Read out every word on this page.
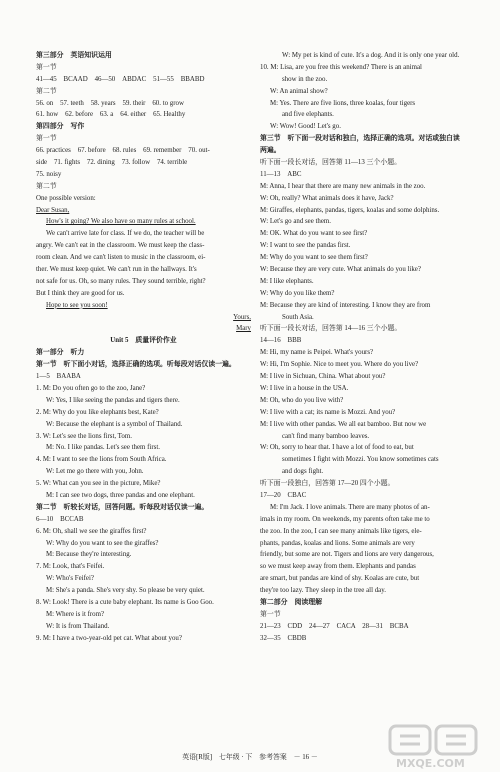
第三部分　英语知识运用
第一节
41—45　BCAAD　46—50　ABDAC　51—55　BBABD
第二节
56. on　57. teeth　58. years　59. their　60. to grow
61. how　62. before　63. a　64. either　65. Healthy
第四部分　写作
第一节
66. practices　67. before　68. rules　69. remember　70. out-
side　71. fights　72. dining　73. follow　74. terrible
75. noisy
第二节
One possible version:
Dear Susan,
How's it going? We also have so many rules at school.
We can't arrive late for class. If we do, the teacher will be
angry. We can't eat in the classroom. We must keep the class-
room clean. And we can't listen to music in the classroom, ei-
ther. We must keep quiet. We can't run in the hallways. It's
not safe for us. Oh, so many rules. They sound terrible, right?
But I think they are good for us.
Hope to see you soon!
Yours,
Mary
Unit 5　质量评价作业
第一部分　听力
第一节　听下面小对话，选择正确的选项。听每段对话仅读一遍。
1—5　BAABA
1. M: Do you often go to the zoo, Jane?
W: Yes, I like seeing the pandas and tigers there.
2. M: Why do you like elephants best, Kate?
W: Because the elephant is a symbol of Thailand.
3. W: Let's see the lions first, Tom.
M: No. I like pandas. Let's see them first.
4. M: I want to see the lions from South Africa.
W: Let me go there with you, John.
5. W: What can you see in the picture, Mike?
M: I can see two dogs, three pandas and one elephant.
第二节　听较长对话，回答问题。听每段对话仅读一遍。
6—10　BCCAB
6. M: Oh, shall we see the giraffes first?
W: Why do you want to see the giraffes?
M: Because they're interesting.
7. M: Look, that's Feifei.
W: Who's Feifei?
M: She's a panda. She's very shy. So please be very quiet.
8. W: Look! There is a cute baby elephant. Its name is Goo Goo.
M: Where is it from?
W: It is from Thailand.
9. M: I have a two-year-old pet cat. What about you?
W: My pet is kind of cute. It's a dog. And it is only one year old.
10. M: Lisa, are you free this weekend? There is an animal
show in the zoo.
W: An animal show?
M: Yes. There are five lions, three koalas, four tigers
and five elephants.
W: Wow! Good! Let's go.
第三节　听下面一段对话和独白，选择正确的选项。对话或独白读
两遍。
听下面一段长对话，回答第 11—13 三个小题。
11—13　ABC
M: Anna, I hear that there are many new animals in the zoo.
W: Oh, really? What animals does it have, Jack?
M: Giraffes, elephants, pandas, tigers, koalas and some dolphins.
W: Let's go and see them.
M: OK. What do you want to see first?
W: I want to see the pandas first.
M: Why do you want to see them first?
W: Because they are very cute. What animals do you like?
M: I like elephants.
W: Why do you like them?
M: Because they are kind of interesting. I know they are from
South Asia.
听下面一段长对话，回答第 14—16 三个小题。
14—16　BBB
M: Hi, my name is Peipei. What's yours?
W: Hi, I'm Sophie. Nice to meet you. Where do you live?
M: I live in Sichuan, China. What about you?
W: I live in a house in the USA.
M: Oh, who do you live with?
W: I live with a cat; its name is Mozzi. And you?
M: I live with other pandas. We all eat bamboo. But now we
can't find many bamboo leaves.
W: Oh, sorry to hear that. I have a lot of food to eat, but
sometimes I fight with Mozzi. You know sometimes cats
and dogs fight.
听下面一段独白，回答第 17—20 四个小题。
17—20　CBAC
M: I'm Jack. I love animals. There are many photos of an-
imals in my room. On weekends, my parents often take me to
the zoo. In the zoo, I can see many animals like tigers, ele-
phants, pandas, koalas and lions. Some animals are very
friendly, but some are not. Tigers and lions are very dangerous,
so we must keep away from them. Elephants and pandas
are smart, but pandas are kind of shy. Koalas are cute, but
they're too lazy. They sleep in the tree all day.
第二部分　阅读理解
第一节
21—23　CDD　24—27　CACA　28—31　BCBA
32—35　CBDB
英语[R版]　七年级 · 下　参考答案　－ 16 －	MXQE.COM
